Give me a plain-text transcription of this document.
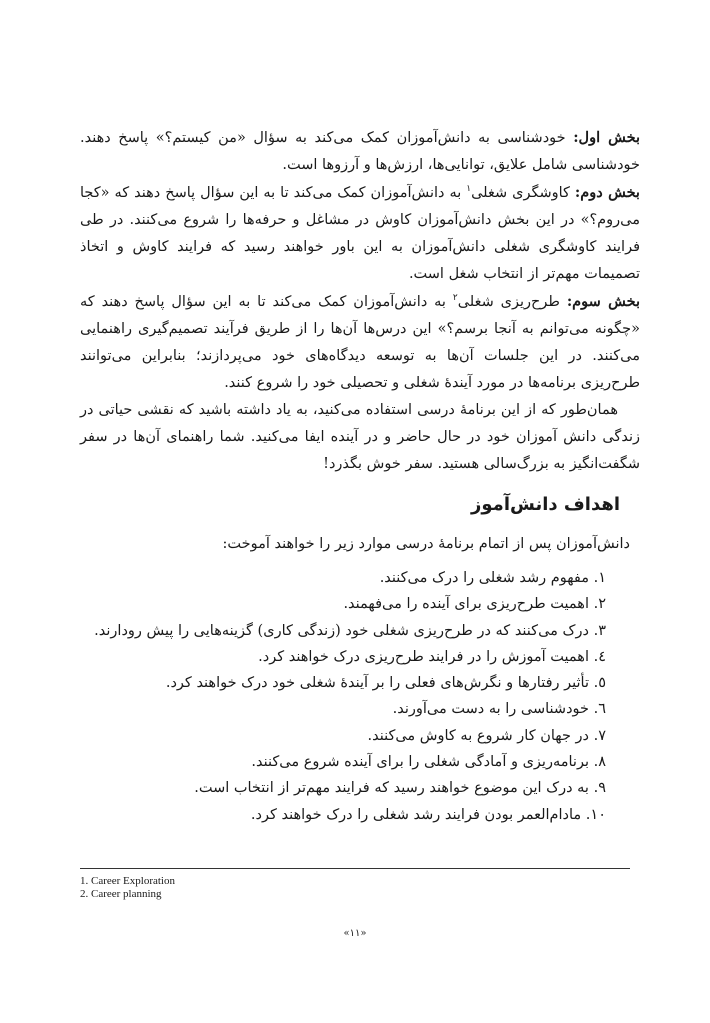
بخش اول: خودشناسی به دانش‌آموزان کمک می‌کند به سؤال «من کیستم؟» پاسخ دهند. خودشناسی شامل علایق، توانایی‌ها، ارزش‌ها و آرزوها است.

بخش دوم: کاوشگری شغلی$^۱$ به دانش‌آموزان کمک می‌کند تا به این سؤال پاسخ دهند که «کجا می‌روم؟» در این بخش دانش‌آموزان کاوش در مشاغل و حرفه‌ها را شروع می‌کنند. در طی فرایند کاوشگری شغلی دانش‌آموزان به این باور خواهند رسید که فرایند کاوش و اتخاذ تصمیمات مهم‌تر از انتخاب شغل است.

بخش سوم: طرح‌ریزی شغلی$^۲$ به دانش‌آموزان کمک می‌کند تا به این سؤال پاسخ دهند که «چگونه می‌توانم به آنجا برسم؟» این درس‌ها آن‌ها را از طریق فرآیند تصمیم‌گیری راهنمایی می‌کنند. در این جلسات آن‌ها به توسعه دیدگاه‌های خود می‌پردازند؛ بنابراین می‌توانند طرح‌ریزی برنامه‌ها در مورد آیندهٔ شغلی و تحصیلی خود را شروع کنند.

همان‌طور که از این برنامهٔ درسی استفاده می‌کنید، به یاد داشته باشید که نقشی حیاتی در زندگی دانش آموزان خود در حال حاضر و در آینده ایفا می‌کنید. شما راهنمای آن‌ها در سفر شگفت‌انگیز به بزرگ‌سالی هستید. سفر خوش بگذرد!

اهداف دانش‌آموز
دانش‌آموزان پس از اتمام برنامهٔ درسی موارد زیر را خواهند آموخت:
۱. مفهوم رشد شغلی را درک می‌کنند.
۲. اهمیت طرح‌ریزی برای آینده را می‌فهمند.
۳. درک می‌کنند که در طرح‌ریزی شغلی خود (زندگی کاری) گزینه‌هایی را پیش رودارند.
٤. اهمیت آموزش را در فرایند طرح‌ریزی درک خواهند کرد.
٥. تأثیر رفتارها و نگرش‌های فعلی را بر آیندهٔ شغلی خود درک خواهند کرد.
٦. خودشناسی را به دست می‌آورند.
۷. در جهان کار شروع به کاوش می‌کنند.
۸. برنامه‌ریزی و آمادگی شغلی را برای آینده شروع می‌کنند.
۹. به درک این موضوع خواهند رسید که فرایند مهم‌تر از انتخاب است.
۱۰. مادام‌العمر بودن فرایند رشد شغلی را درک خواهند کرد.
1. Career Exploration
2. Career planning
«۱۱»
